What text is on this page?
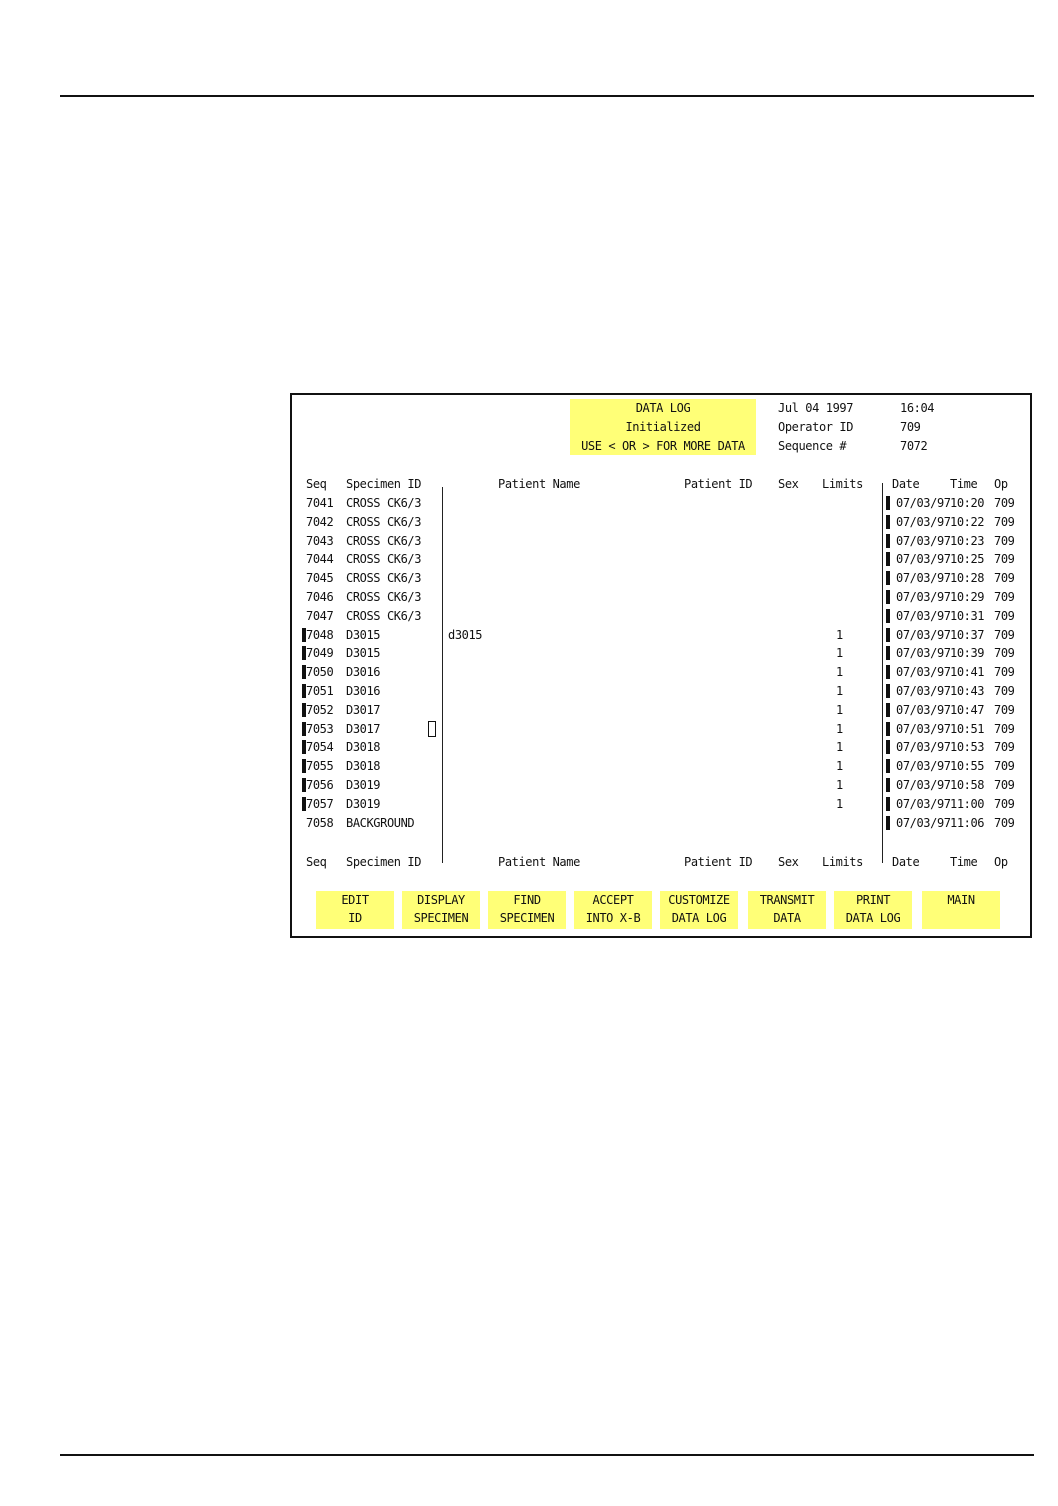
DATA LOG
Initialized
USE < OR > FOR MORE DATA
Jul 04 1997	16:04
Operator ID	709
Sequence #	7072
Seq Specimen ID	Patient Name	Patient ID Sex Limits Date	Time Op
7041 CROSS CK6/3	07/03/97 10:20 709
7042 CROSS CK6/3	07/03/97 10:22 709
7043 CROSS CK6/3	07/03/97 10:23 709
7044 CROSS CK6/3	07/03/97 10:25 709
7045 CROSS CK6/3	07/03/97 10:28 709
7046 CROSS CK6/3	07/03/97 10:29 709
7047 CROSS CK6/3	07/03/97 10:31 709
7048 D3015	d3015	1	07/03/97 10:37 709
7049 D3015	1	07/03/97 10:39 709
7050 D3016	1	07/03/97 10:41 709
7051 D3016	1	07/03/97 10:43 709
7052 D3017	1	07/03/97 10:47 709
7053 D3017	1	07/03/97 10:51 709
7054 D3018	1	07/03/97 10:53 709
7055 D3018	1	07/03/97 10:55 709
7056 D3019	1	07/03/97 10:58 709
7057 D3019	1	07/03/97 11:00 709
7058 BACKGROUND	07/03/97 11:06 709
Seq Specimen ID	Patient Name	Patient ID Sex Limits Date	Time Op
EDIT
ID
DISPLAY
SPECIMEN
FIND
SPECIMEN
ACCEPT
INTO X-B
CUSTOMIZE
DATA LOG
TRANSMIT
DATA
PRINT
DATA LOG
MAIN
